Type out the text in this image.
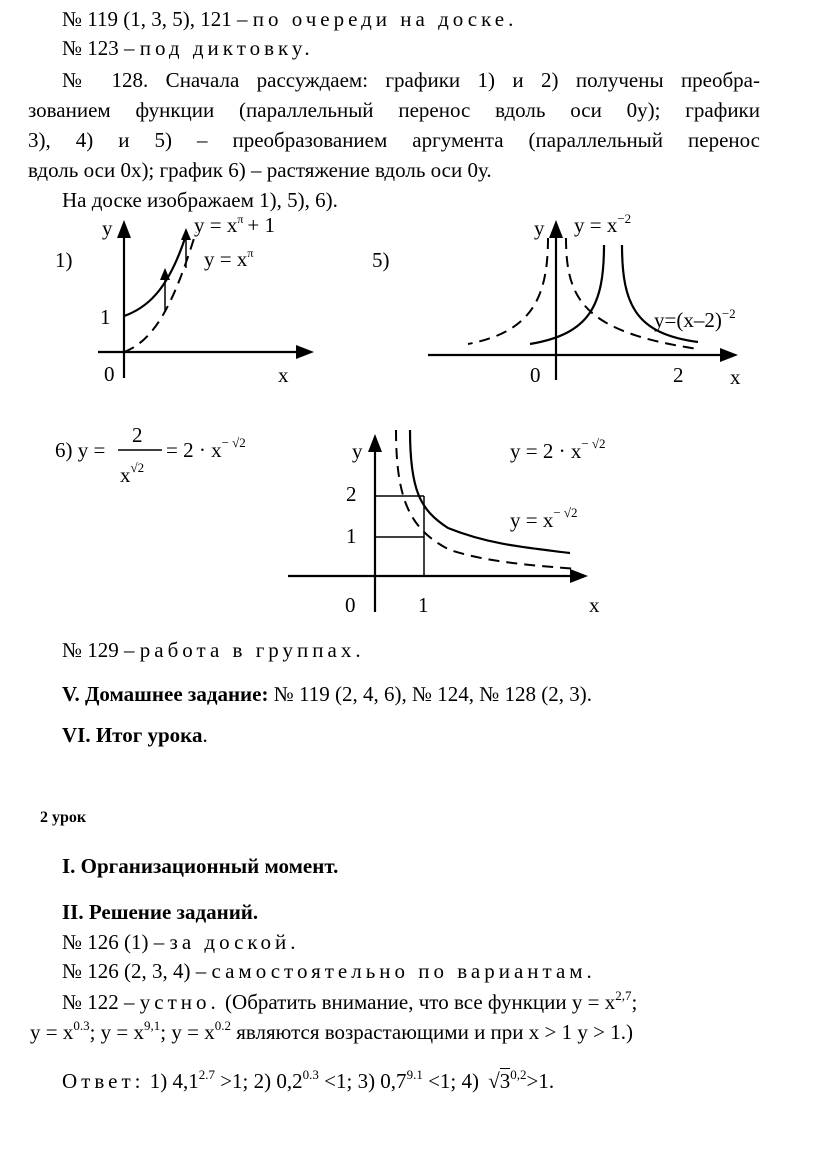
№ 119 (1, 3, 5), 121 – по очереди на доске.
№ 123 – под диктовку.
№ 128. Сначала рассуждаем: графики 1) и 2) получены преобра-
зованием функции (параллельный перенос вдоль оси 0у); графики
3), 4) и 5) – преобразованием аргумента (параллельный перенос
вдоль оси 0х); график 6) – растяжение вдоль оси 0у.
На доске изображаем 1), 5), 6).
1)
y
0	x
1
$y = x^\pi + 1$
$y = x^\pi$	5)
y
0	2 x
$y = x^{-2}$
$y=(x-2)^{-2}$
6) y =
2
$x^{√2}$
= $2 \cdot x^{- √2}$	y
2
1
0	1	x
$y = 2 \cdot x^{- √2}$
$y = x^{- √2}$
№ 129 – работа в группах.
V. Домашнее задание: № 119 (2, 4, 6), № 124, № 128 (2, 3).
VI. Итог урока.
2 урок
I. Организационный момент.
II. Решение заданий.
№ 126 (1) – за доской.
№ 126 (2, 3, 4) – самостоятельно по вариантам.
№ 122 – устно. (Обратить внимание, что все функции $y = x^{2,7}$;
$y = x^{0.3}$; $y = x^{9,1}$; $y = x^{0.2}$ являются возрастающими и при x > 1 y > 1.)
Ответ: 1) $4,1^{2.7} >1$; 2) $0,2^{0.3} <1$; 3) $0,7^{9.1} <1$; 4) $√3^{0,2}>1$.
